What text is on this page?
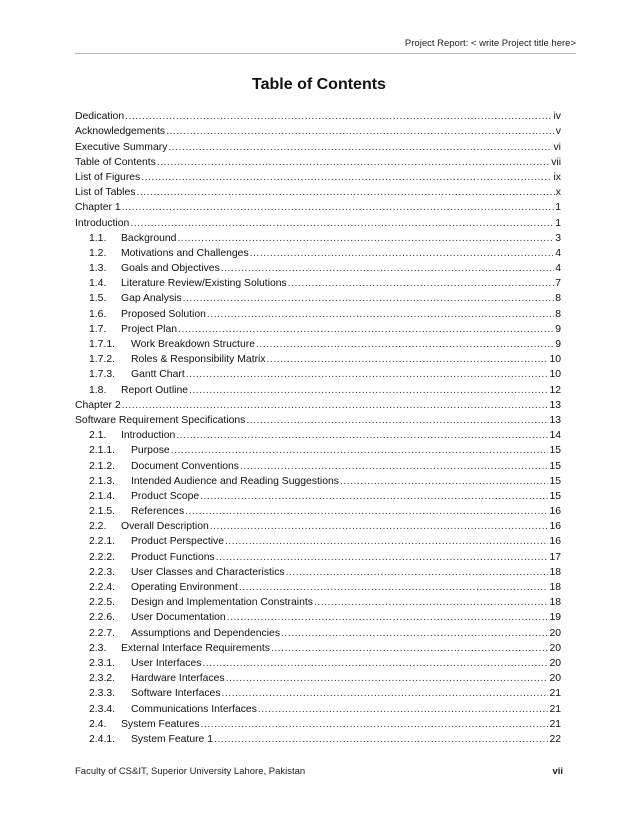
Project Report: < write Project title here>
Table of Contents
Dedication .....	iv
Acknowledgements .....	v
Executive Summary .....	vi
Table of Contents .....	vii
List of Figures .....	ix
List of Tables .....	x
Chapter 1 .....	1
Introduction .....	1
1.1.	Background .....	3
1.2.	Motivations and Challenges .....	4
1.3.	Goals and Objectives .....	4
1.4.	Literature Review/Existing Solutions .....	7
1.5.	Gap Analysis .....	8
1.6.	Proposed Solution .....	8
1.7.	Project Plan .....	9
1.7.1.	Work Breakdown Structure .....	9
1.7.2.	Roles & Responsibility Matrix .....	10
1.7.3.	Gantt Chart .....	10
1.8.	Report Outline .....	12
Chapter 2 .....	13
Software Requirement Specifications .....	13
2.1.	Introduction .....	14
2.1.1.	Purpose .....	15
2.1.2.	Document Conventions .....	15
2.1.3.	Intended Audience and Reading Suggestions .....	15
2.1.4.	Product Scope .....	15
2.1.5.	References .....	16
2.2.	Overall Description .....	16
2.2.1.	Product Perspective .....	16
2.2.2.	Product Functions .....	17
2.2.3.	User Classes and Characteristics .....	18
2.2.4.	Operating Environment .....	18
2.2.5.	Design and Implementation Constraints .....	18
2.2.6.	User Documentation .....	19
2.2.7.	Assumptions and Dependencies .....	20
2.3.	External Interface Requirements .....	20
2.3.1.	User Interfaces .....	20
2.3.2.	Hardware Interfaces .....	20
2.3.3.	Software Interfaces .....	21
2.3.4.	Communications Interfaces .....	21
2.4.	System Features .....	21
2.4.1.	System Feature 1 .....	22
Faculty of CS&IT, Superior University Lahore, Pakistan	vii
